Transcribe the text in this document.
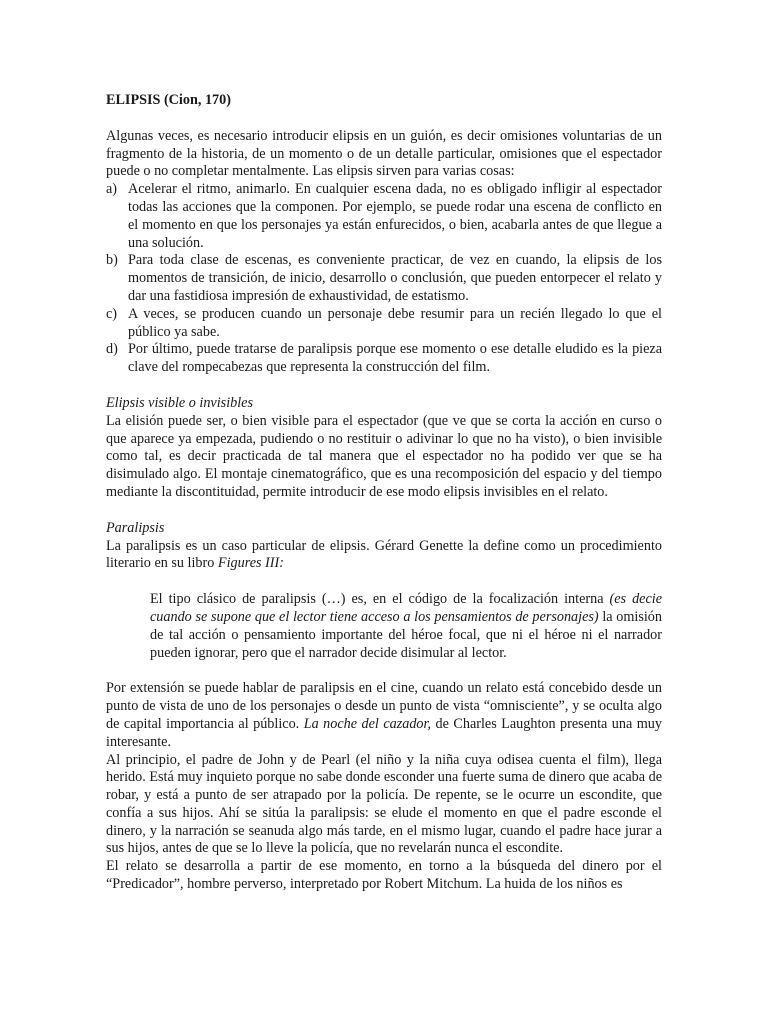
ELIPSIS (Cion, 170)

Algunas veces, es necesario introducir elipsis en un guión, es decir omisiones voluntarias de un fragmento de la historia, de un momento o de un detalle particular, omisiones que el espectador puede o no completar mentalmente. Las elipsis sirven para varias cosas:

a) Acelerar el ritmo, animarlo. En cualquier escena dada, no es obligado infligir al espectador todas las acciones que la componen. Por ejemplo, se puede rodar una escena de conflicto en el momento en que los personajes ya están enfurecidos, o bien, acabarla antes de que llegue a una solución.
b) Para toda clase de escenas, es conveniente practicar, de vez en cuando, la elipsis de los momentos de transición, de inicio, desarrollo o conclusión, que pueden entorpecer el relato y dar una fastidiosa impresión de exhaustividad, de estatismo.
c) A veces, se producen cuando un personaje debe resumir para un recién llegado lo que el público ya sabe.
d) Por último, puede tratarse de paralipsis porque ese momento o ese detalle eludido es la pieza clave del rompecabezas que representa la construcción del film.

Elipsis visible o invisibles

La elisión puede ser, o bien visible para el espectador (que ve que se corta la acción en curso o que aparece ya empezada, pudiendo o no restituir o adivinar lo que no ha visto), o bien invisible como tal, es decir practicada de tal manera que el espectador no ha podido ver que se ha disimulado algo. El montaje cinematográfico, que es una recomposición del espacio y del tiempo mediante la discontituidad, permite introducir de ese modo elipsis invisibles en el relato.

Paralipsis

La paralipsis es un caso particular de elipsis. Gérard Genette la define como un procedimiento literario en su libro Figures III:

El tipo clásico de paralipsis (…) es, en el código de la focalización interna (es decie cuando se supone que el lector tiene acceso a los pensamientos de personajes) la omisión de tal acción o pensamiento importante del héroe focal, que ni el héroe ni el narrador pueden ignorar, pero que el narrador decide disimular al lector.

Por extensión se puede hablar de paralipsis en el cine, cuando un relato está concebido desde un punto de vista de uno de los personajes o desde un punto de vista “omnisciente”, y se oculta algo de capital importancia al público. La noche del cazador, de Charles Laughton presenta una muy interesante.

Al principio, el padre de John y de Pearl (el niño y la niña cuya odisea cuenta el film), llega herido. Está muy inquieto porque no sabe donde esconder una fuerte suma de dinero que acaba de robar, y está a punto de ser atrapado por la policía. De repente, se le ocurre un escondite, que confía a sus hijos. Ahí se sitúa la paralipsis: se elude el momento en que el padre esconde el dinero, y la narración se seanuda algo más tarde, en el mismo lugar, cuando el padre hace jurar a sus hijos, antes de que se lo lleve la policía, que no revelarán nunca el escondite.

El relato se desarrolla a partir de ese momento, en torno a la búsqueda del dinero por el “Predicador”, hombre perverso, interpretado por Robert Mitchum. La huida de los niños es
